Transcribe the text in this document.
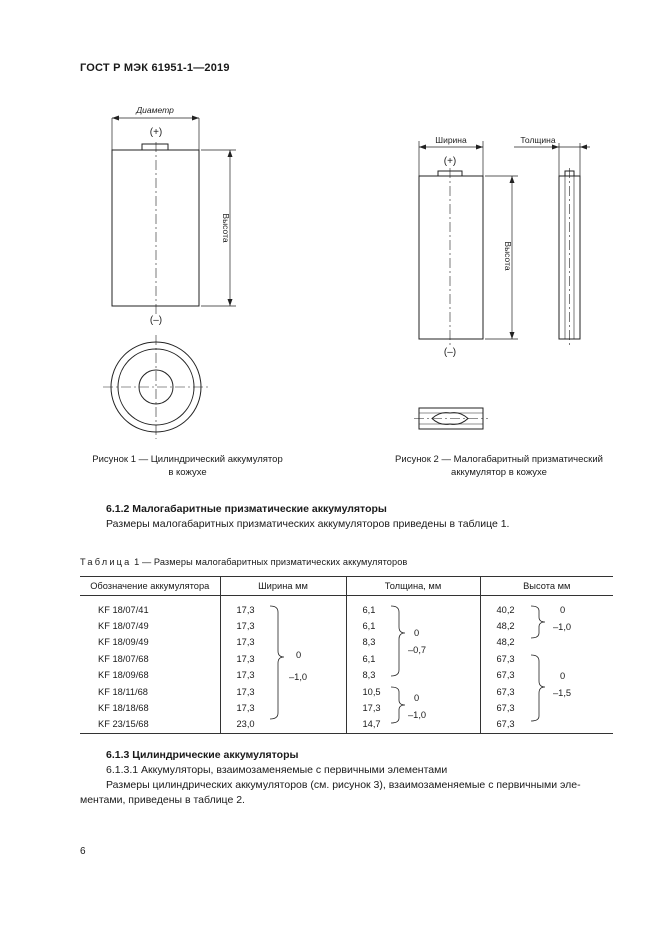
ГОСТ Р МЭК 61951-1—2019
Диаметр
(+)
Высота
(–)
Ширина
(+)
Высота
(–)
Толщина
Рисунок 1 — Цилиндрический аккумулятор
в кожухе
Рисунок 2 — Малогабаритный призматический
аккумулятор в кожухе
6.1.2 Малогабаритные призматические аккумуляторы
Размеры малогабаритных призматических аккумуляторов приведены в таблице 1.
Таблица 1 — Размеры малогабаритных призматических аккумуляторов
Обозначение аккумулятора	Ширина мм	Толщина, мм	Высота мм

KF 18/07/41	17,3	6,1	40,2
KF 18/07/49	17,3	6,1	48,2
KF 18/09/49	17,3	8,3	48,2
KF 18/07/68	17,3	6,1	67,3
KF 18/09/68	17,3	8,3	67,3
KF 18/11/68	17,3	10,5	67,3
KF 18/18/68	17,3	17,3	67,3
KF 23/15/68	23,0	14,7	67,3
0
–1,0
0
–0,7
0
–1,0
0
–1,0
0
–1,5
6.1.3 Цилиндрические аккумуляторы
6.1.3.1 Аккумуляторы, взаимозаменяемые с первичными элементами
Размеры цилиндрических аккумуляторов (см. рисунок 3), взаимозаменяемые с первичными эле-
ментами, приведены в таблице 2.
6
